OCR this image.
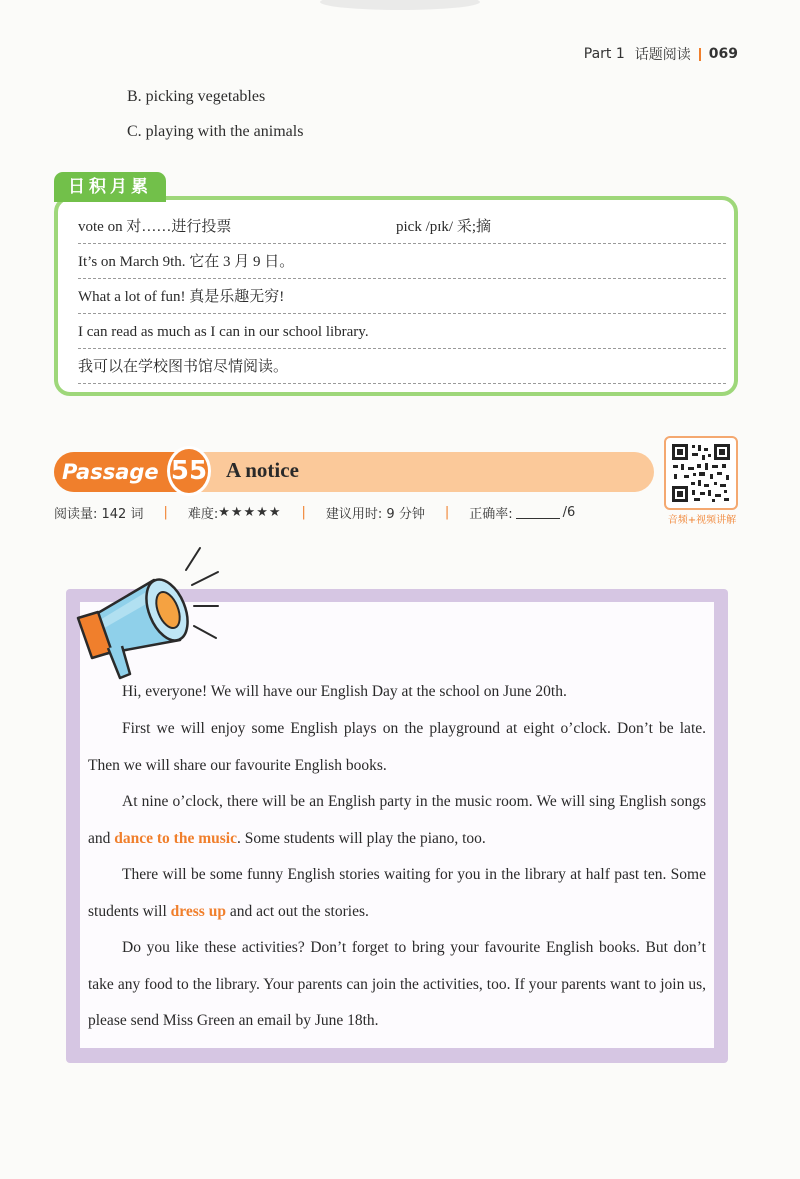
Part 1 话题阅读 069
B. picking vegetables
C. playing with the animals
日积月累
vote on 对……进行投票	pick /pɪk/ 采;摘
It’s on March 9th. 它在 3 月 9 日。
What a lot of fun! 真是乐趣无穷!
I can read as much as I can in our school library.
我可以在学校图书馆尽情阅读。
Passage 55 A notice
音频+视频讲解
阅读量: 142 词 | 难度: ★★★★★ | 建议用时: 9 分钟 | 正确率:	/6
Hi, everyone! We will have our English Day at the school on June 20th.
First we will enjoy some English plays on the playground at eight o’clock. Don’t be late. Then we will share our favourite English books.
At nine o’clock, there will be an English party in the music room. We will sing English songs and dance to the music. Some students will play the piano, too.
There will be some funny English stories waiting for you in the library at half past ten. Some students will dress up and act out the stories.
Do you like these activities? Don’t forget to bring your favourite English books. But don’t take any food to the library. Your parents can join the activities, too. If your parents want to join us, please send Miss Green an email by June 18th.
